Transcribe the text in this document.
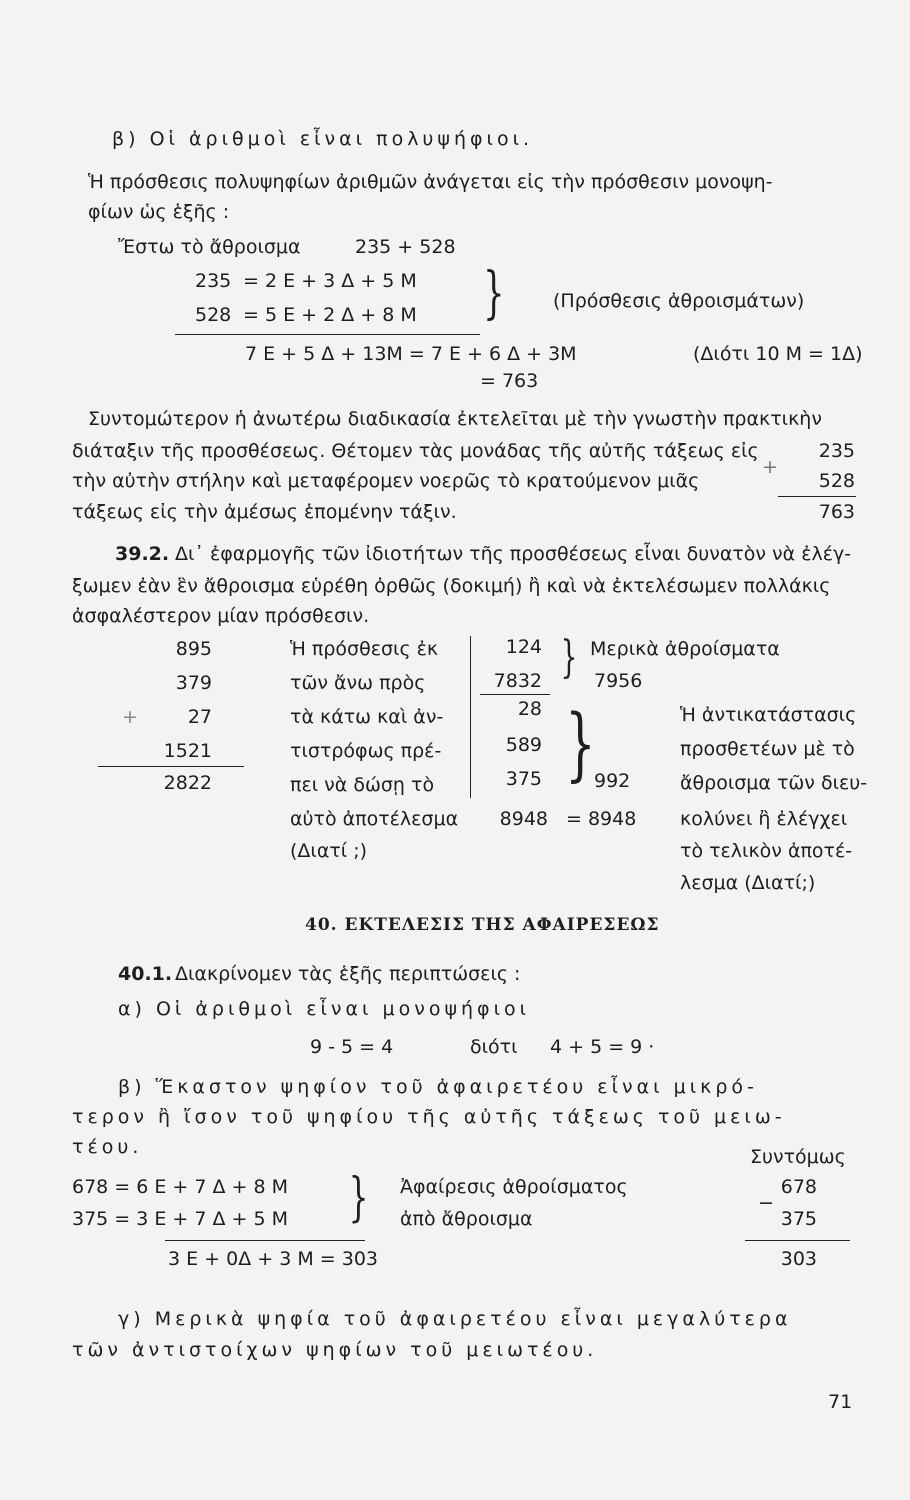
β) Οἱ ἀριθμοὶ εἶναι πολυψήφιοι.
Ἡ πρόσθεσις πολυψηφίων ἀριθμῶν ἀνάγεται εἰς τὴν πρόσθεσιν μονοψη-
φίων ὡς ἑξῆς :
Ἔστω τὸ ἄθροισμα	235 + 528
235 = 2 Ε + 3 Δ + 5 Μ
528 = 5 Ε + 2 Δ + 8 Μ }	(Πρόσθεσις ἀθροισμάτων)
7 Ε + 5 Δ + 13Μ = 7 Ε + 6 Δ + 3Μ	(Διότι 10 Μ = 1Δ)
= 763
Συντομώτερον ἡ ἀνωτέρω διαδικασία ἐκτελεῖται μὲ τὴν γνωστὴν πρακτικὴν
διάταξιν τῆς προσθέσεως. Θέτομεν τὰς μονάδας τῆς αὐτῆς τάξεως εἰς
τὴν αὐτὴν στήλην καὶ μεταφέρομεν νοερῶς τὸ κρατούμενον μιᾶς
τάξεως εἰς τὴν ἀμέσως ἑπομένην τάξιν.
235
+
528
763
39.2. Δι᾿ ἐφαρμογῆς τῶν ἰδιοτήτων τῆς προσθέσεως εἶναι δυνατὸν νὰ ἐλέγ-
ξωμεν ἐὰν ἓν ἄθροισμα εὑρέθη ὀρθῶς (δοκιμή) ἢ καὶ νὰ ἐκτελέσωμεν πολλάκις
ἀσφαλέστερον μίαν πρόσθεσιν.
895
379
+	27
1521
2822
Ἡ πρόσθεσις ἐκ
τῶν ἄνω πρὸς
τὰ κάτω καὶ ἀν-
τιστρόφως πρέ-
πει νὰ δώσῃ τὸ
αὐτὸ ἀποτέλεσμα
(Διατί ;)
124
7832
28
589
375
8948
}
}
Μερικὰ ἀθροίσματα
7956
992
= 8948
Ἡ ἀντικατάστασις
προσθετέων μὲ τὸ
ἄθροισμα τῶν διευ-
κολύνει ἢ ἐλέγχει
τὸ τελικὸν ἀποτέ-
λεσμα (Διατί;)
40. ΕΚΤΕΛΕΣΙΣ ΤΗΣ ΑΦΑΙΡΕΣΕΩΣ
40.1. Διακρίνομεν τὰς ἑξῆς περιπτώσεις :
α) Οἱ ἀριθμοὶ εἶναι μονοψήφιοι
9 - 5 = 4	διότι 4 + 5 = 9 ·
β) Ἕκαστον ψηφίον τοῦ ἀφαιρετέου εἶναι μικρό-
τερον ἢ ἴσον τοῦ ψηφίου τῆς αὐτῆς τάξεως τοῦ μειω-
τέου.	Συντόμως
678 = 6 Ε + 7 Δ + 8 Μ
375 = 3 Ε + 7 Δ + 5 Μ } Ἀφαίρεσις ἀθροίσματος
ἀπὸ ἄθροισμα
3 Ε + 0Δ + 3 Μ = 303
678
−
375
303
γ) Μερικὰ ψηφία τοῦ ἀφαιρετέου εἶναι μεγαλύτερα
τῶν ἀντιστοίχων ψηφίων τοῦ μειωτέου.
71
